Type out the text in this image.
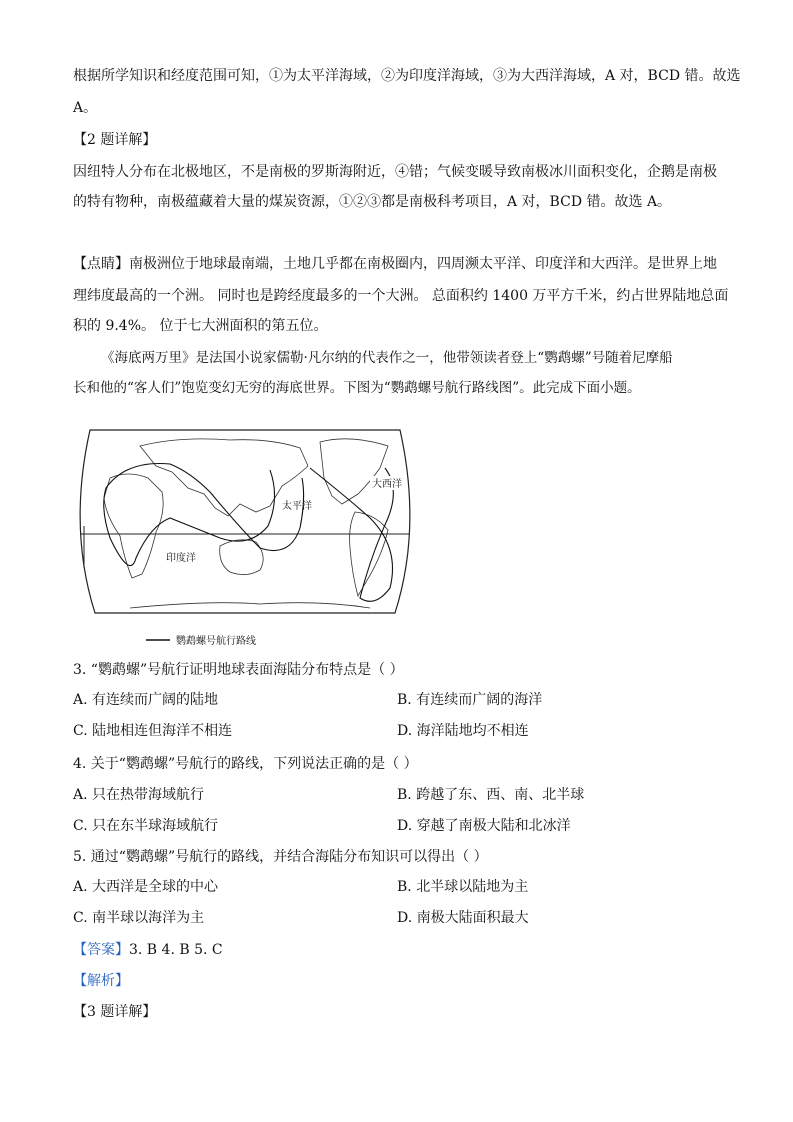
根据所学知识和经度范围可知，①为太平洋海域，②为印度洋海域，③为大西洋海域，A 对，BCD 错。故选
A。
【2 题详解】
因纽特人分布在北极地区，不是南极的罗斯海附近，④错；气候变暖导致南极冰川面积变化，企鹅是南极
的特有物种，南极蕴藏着大量的煤炭资源，①②③都是南极科考项目，A 对，BCD 错。故选 A。
【点睛】南极洲位于地球最南端，土地几乎都在南极圈内，四周濒太平洋、印度洋和大西洋。是世界上地
理纬度最高的一个洲。 同时也是跨经度最多的一个大洲。 总面积约 1400 万平方千米，约占世界陆地总面
积的 9.4%。 位于七大洲面积的第五位。
《海底两万里》是法国小说家儒勒·凡尔纳的代表作之一，他带领读者登上“鹦鹉螺”号随着尼摩船
长和他的“客人们”饱览变幻无穷的海底世界。下图为“鹦鹉螺号航行路线图”。此完成下面小题。
大西洋
太平洋
印度洋
鹦鹉螺号航行路线
3. “鹦鹉螺”号航行证明地球表面海陆分布特点是（ ）
A. 有连续而广阔的陆地	B. 有连续而广阔的海洋
C. 陆地相连但海洋不相连	D. 海洋陆地均不相连
4. 关于“鹦鹉螺”号航行的路线，下列说法正确的是（ ）
A. 只在热带海域航行	B. 跨越了东、西、南、北半球
C. 只在东半球海域航行	D. 穿越了南极大陆和北冰洋
5. 通过“鹦鹉螺”号航行的路线，并结合海陆分布知识可以得出（ ）
A. 大西洋是全球的中心	B. 北半球以陆地为主
C. 南半球以海洋为主	D. 南极大陆面积最大
【答案】3. B 4. B 5. C
【解析】
【3 题详解】
